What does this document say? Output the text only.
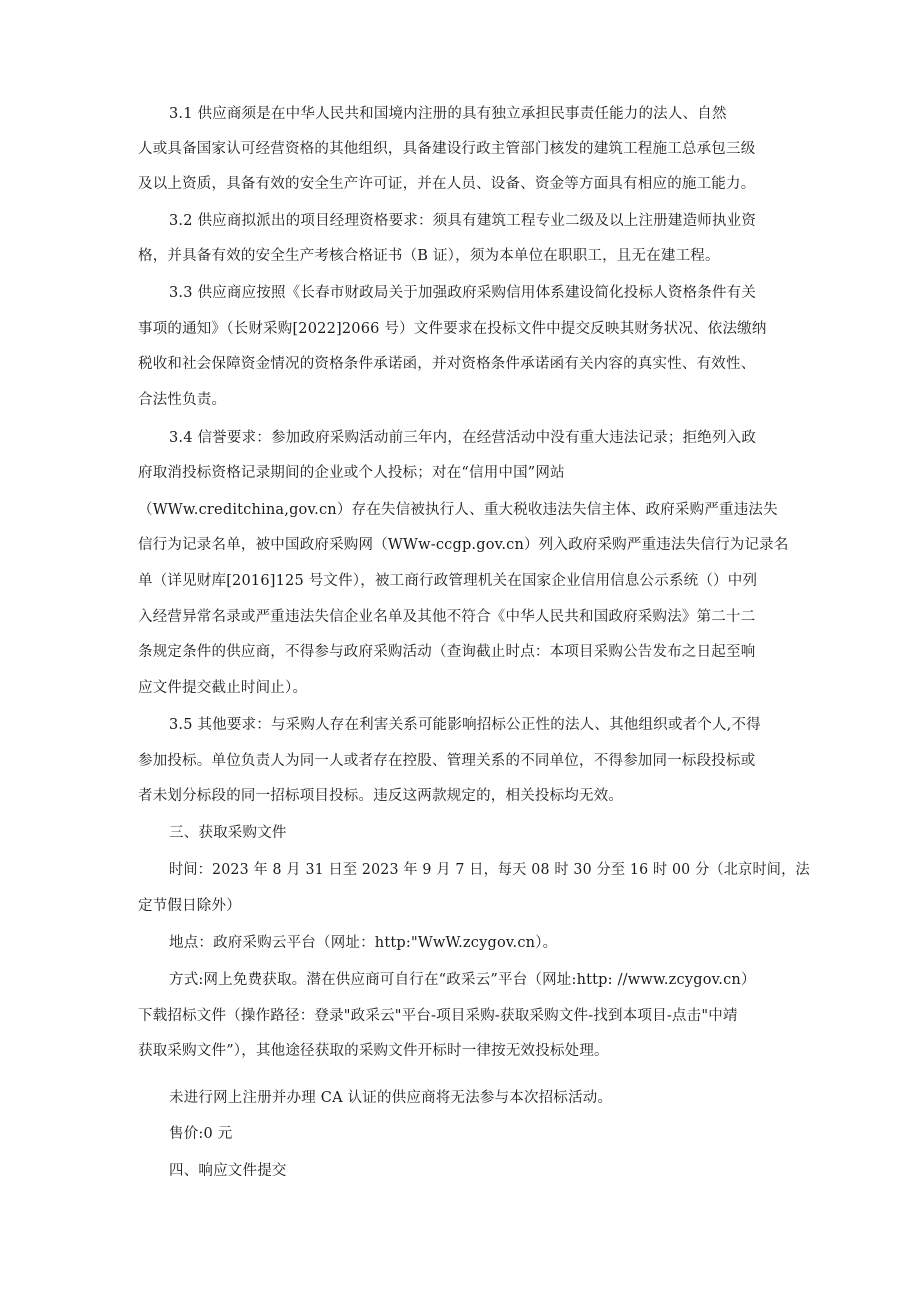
3.1 供应商须是在中华人民共和国境内注册的具有独立承担民事责任能力的法人、自然
人或具备国家认可经营资格的其他组织，具备建设行政主管部门核发的建筑工程施工总承包三级
及以上资质，具备有效的安全生产许可证，并在人员、设备、资金等方面具有相应的施工能力。
3.2 供应商拟派出的项目经理资格要求：须具有建筑工程专业二级及以上注册建造师执业资
格，并具备有效的安全生产考核合格证书（B 证），须为本单位在职职工，且无在建工程。
3.3 供应商应按照《长春市财政局关于加强政府采购信用体系建设简化投标人资格条件有关
事项的通知》（长财采购[2022]2066 号）文件要求在投标文件中提交反映其财务状况、依法缴纳
税收和社会保障资金情况的资格条件承诺函，并对资格条件承诺函有关内容的真实性、有效性、
合法性负责。
3.4 信誉要求：参加政府采购活动前三年内，在经营活动中没有重大违法记录；拒绝列入政
府取消投标资格记录期间的企业或个人投标；对在“信用中国”网站
（WWw.creditchina,gov.cn）存在失信被执行人、重大税收违法失信主体、政府采购严重违法失
信行为记录名单，被中国政府采购网（WWw-ccgp.gov.cn）列入政府采购严重违法失信行为记录名
单（详见财库[2016]125 号文件），被工商行政管理机关在国家企业信用信息公示系统（）中列
入经营异常名录或严重违法失信企业名单及其他不符合《中华人民共和国政府采购法》第二十二
条规定条件的供应商，不得参与政府采购活动（查询截止时点：本项目采购公告发布之日起至响
应文件提交截止时间止）。
3.5 其他要求：与采购人存在利害关系可能影响招标公正性的法人、其他组织或者个人,不得
参加投标。单位负责人为同一人或者存在控股、管理关系的不同单位，不得参加同一标段投标或
者未划分标段的同一招标项目投标。违反这两款规定的，相关投标均无效。
三、获取采购文件
时间：2023 年 8 月 31 日至 2023 年 9 月 7 日，每天 08 时 30 分至 16 时 00 分（北京时间，法
定节假日除外）
地点：政府采购云平台（网址：http:"WwW.zcygov.cn）。
方式:网上免费获取。潜在供应商可自行在“政采云”平台（网址:http: //www.zcygov.cn）
下载招标文件（操作路径：登录"政采云"平台-项目采购-获取采购文件-找到本项目-点击"中靖
获取采购文件”），其他途径获取的采购文件开标时一律按无效投标处理。
未进行网上注册并办理 CA 认证的供应商将无法参与本次招标活动。
售价:0 元
四、响应文件提交
